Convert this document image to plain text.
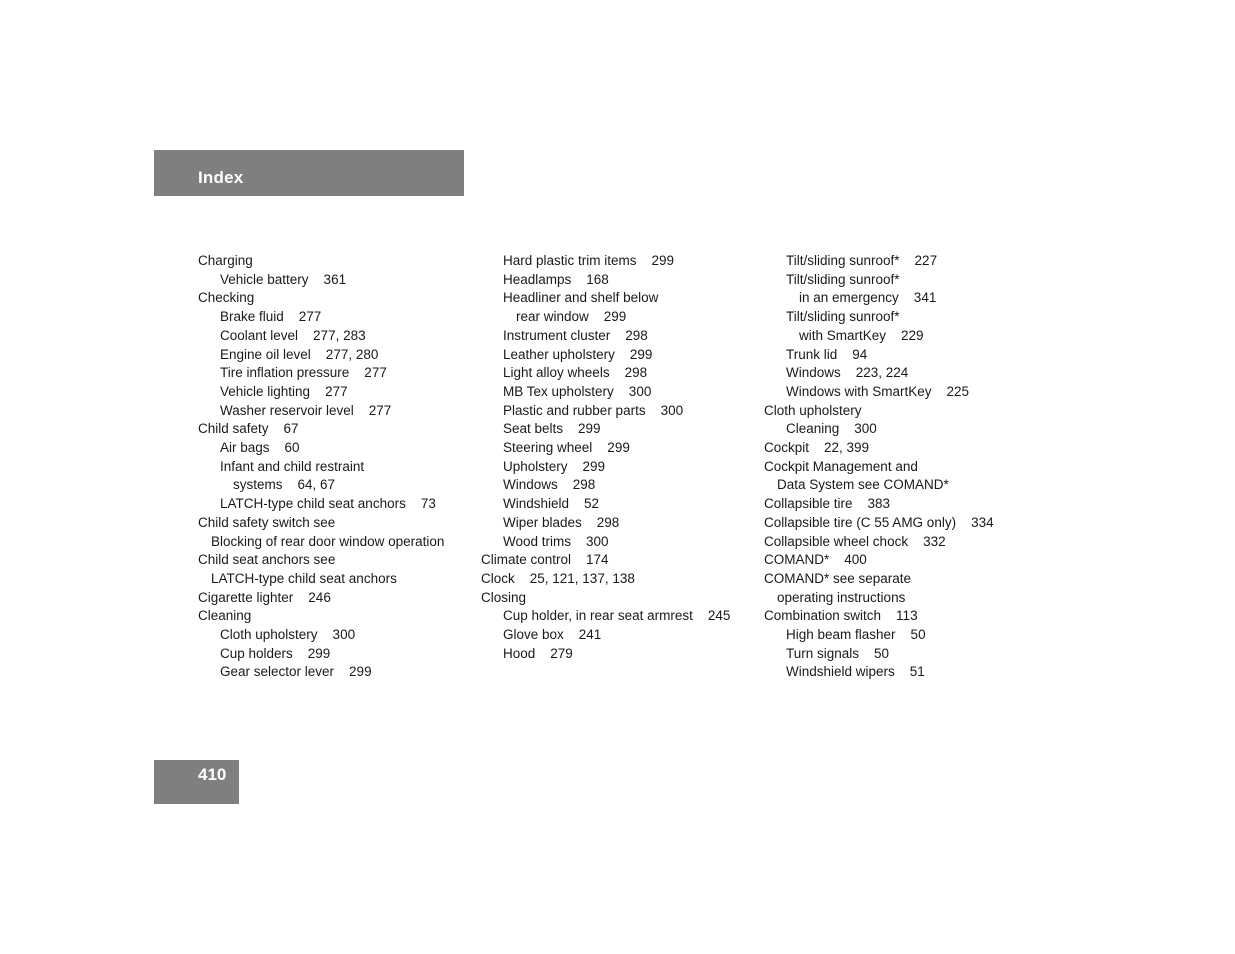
Index
Charging
Vehicle battery    361
Checking
Brake fluid    277
Coolant level    277, 283
Engine oil level    277, 280
Tire inflation pressure    277
Vehicle lighting    277
Washer reservoir level    277
Child safety    67
Air bags    60
Infant and child restraint
systems    64, 67
LATCH-type child seat anchors    73
Child safety switch see
Blocking of rear door window operation
Child seat anchors see
LATCH-type child seat anchors
Cigarette lighter    246
Cleaning
Cloth upholstery    300
Cup holders    299
Gear selector lever    299
Hard plastic trim items    299
Headlamps    168
Headliner and shelf below
rear window    299
Instrument cluster    298
Leather upholstery    299
Light alloy wheels    298
MB Tex upholstery    300
Plastic and rubber parts    300
Seat belts    299
Steering wheel    299
Upholstery    299
Windows    298
Windshield    52
Wiper blades    298
Wood trims    300
Climate control    174
Clock    25, 121, 137, 138
Closing
Cup holder, in rear seat armrest    245
Glove box    241
Hood    279
Tilt/sliding sunroof*    227
Tilt/sliding sunroof*
in an emergency    341
Tilt/sliding sunroof*
with SmartKey    229
Trunk lid    94
Windows    223, 224
Windows with SmartKey    225
Cloth upholstery
Cleaning    300
Cockpit    22, 399
Cockpit Management and
Data System see COMAND*
Collapsible tire    383
Collapsible tire (C 55 AMG only)    334
Collapsible wheel chock    332
COMAND*    400
COMAND* see separate
operating instructions
Combination switch    113
High beam flasher    50
Turn signals    50
Windshield wipers    51
410
